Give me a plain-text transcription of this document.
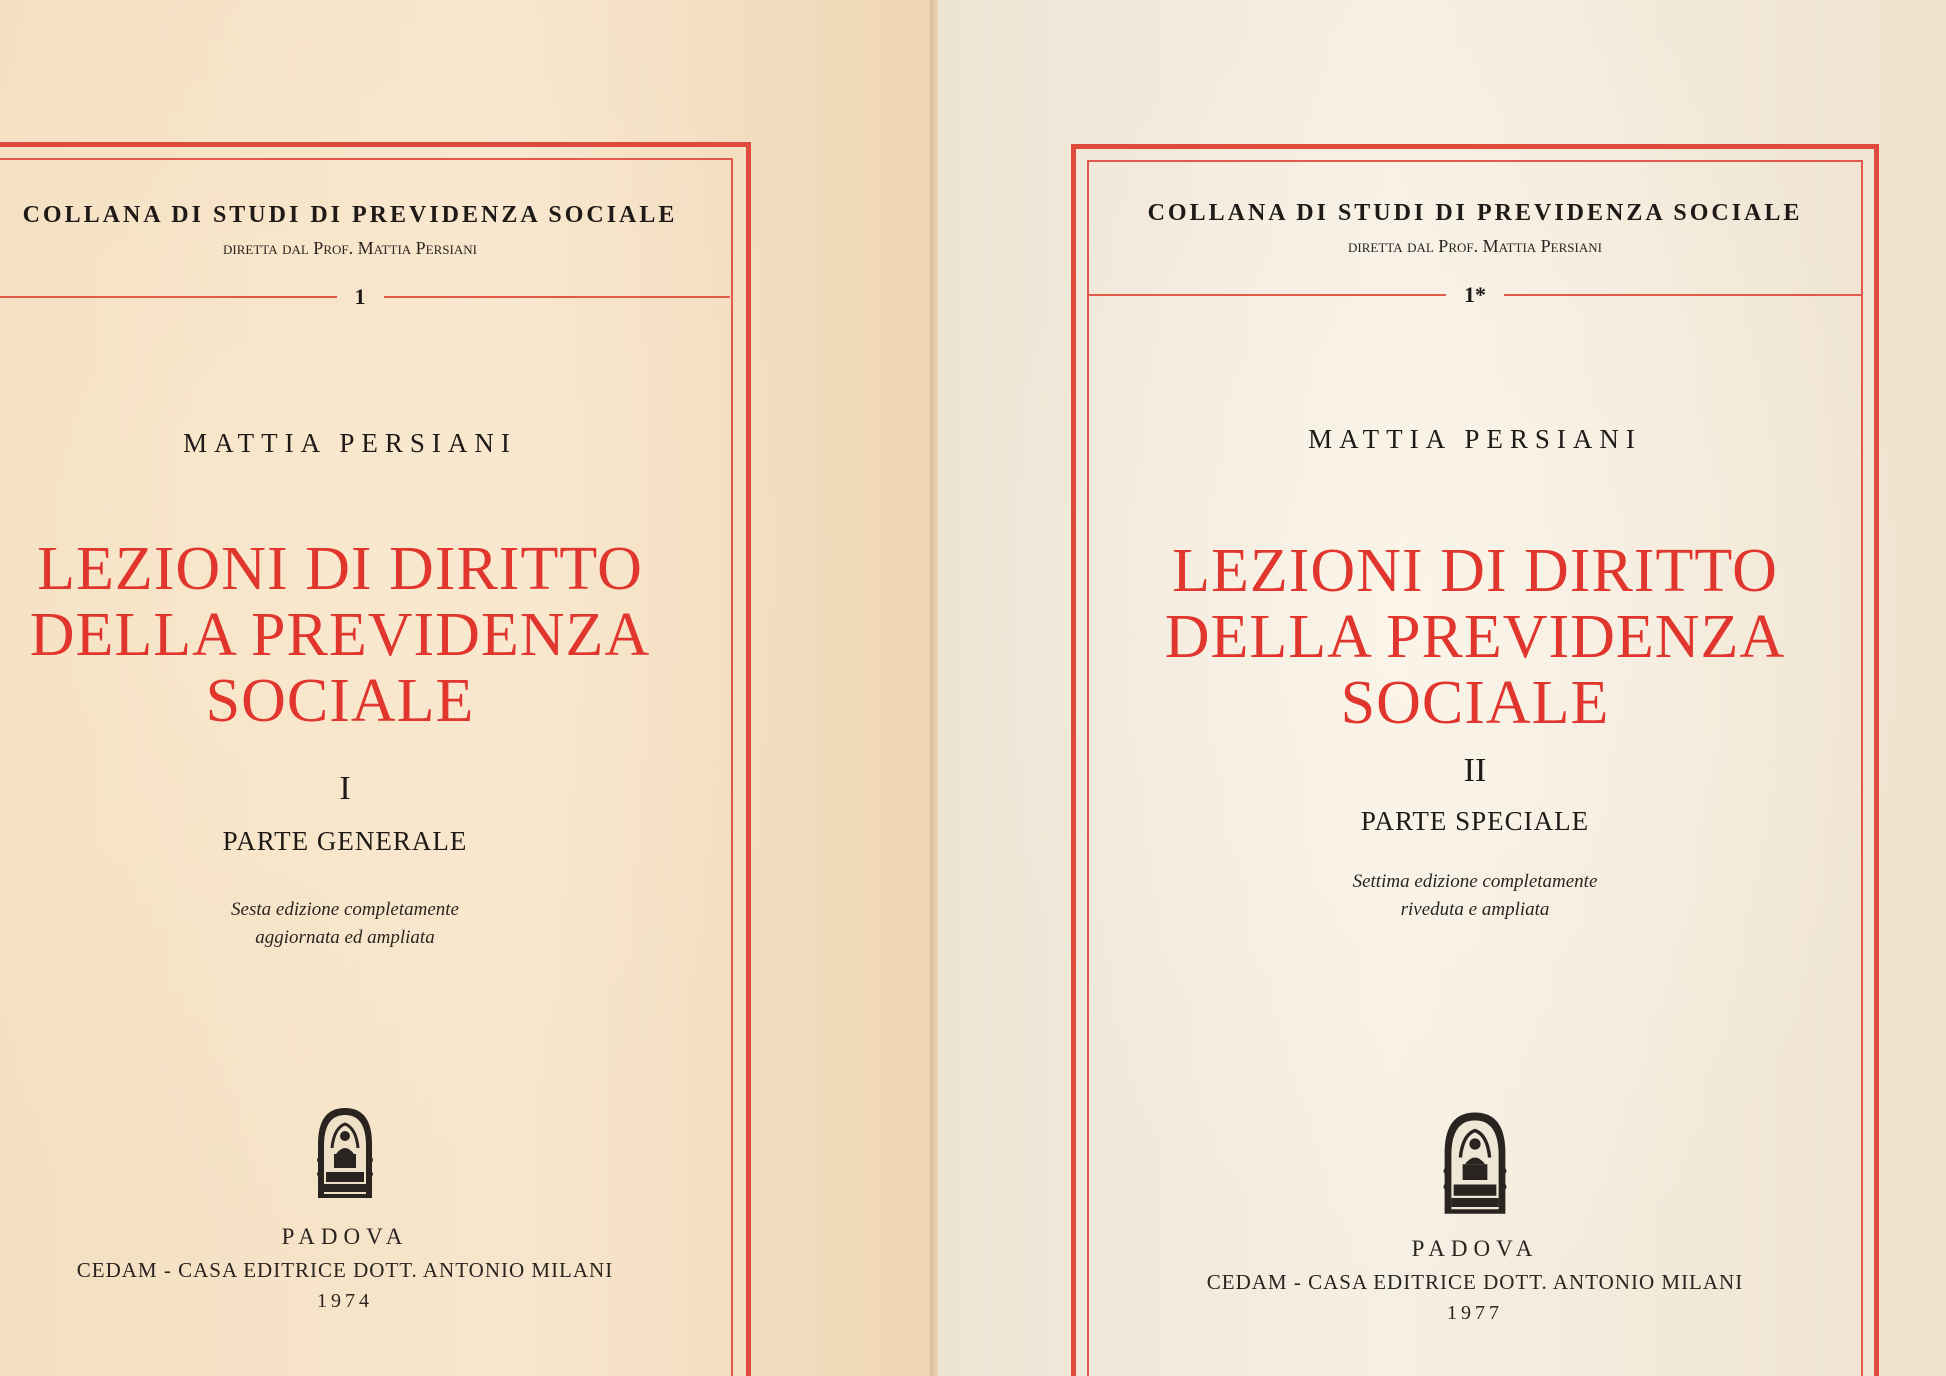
COLLANA DI STUDI DI PREVIDENZA SOCIALE
diretta dal Prof. Mattia Persiani
1
MATTIA PERSIANI
LEZIONI DI DIRITTO
DELLA PREVIDENZA
SOCIALE
I
PARTE GENERALE
Sesta edizione completamente
aggiornata ed ampliata
PADOVA
CEDAM - CASA EDITRICE DOTT. ANTONIO MILANI
1974
COLLANA DI STUDI DI PREVIDENZA SOCIALE
diretta dal Prof. Mattia Persiani
1*
MATTIA PERSIANI
LEZIONI DI DIRITTO
DELLA PREVIDENZA
SOCIALE
II
PARTE SPECIALE
Settima edizione completamente
riveduta e ampliata
PADOVA
CEDAM - CASA EDITRICE DOTT. ANTONIO MILANI
1977
